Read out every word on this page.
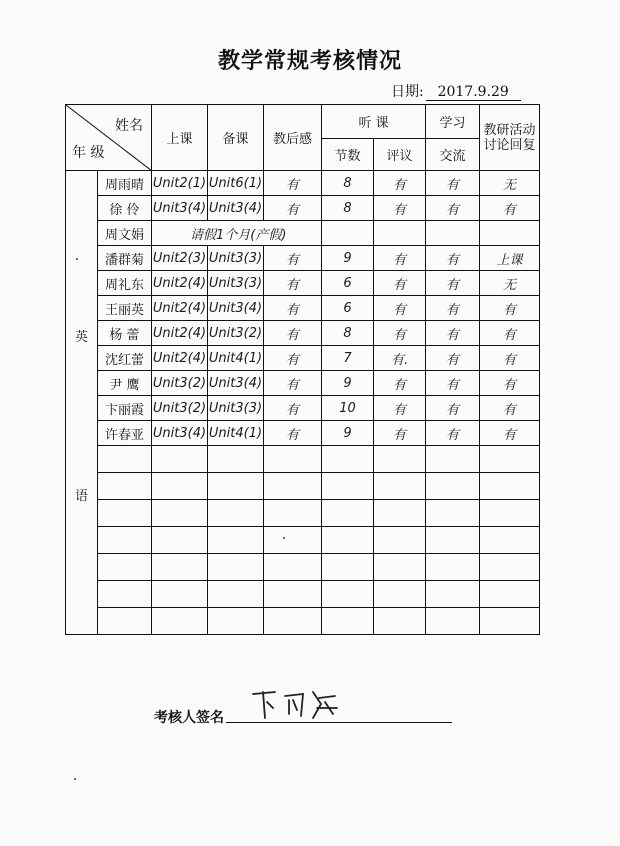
教学常规考核情况
日期: 2017.9.29
姓名
年 级		上课	备课	教后感	听 课		学习	教研活动讨论回复
					节数	评议	交流	

英
语	周雨晴	Unit2(1)	Unit6(1)	有	8	有	有	无
	徐 伶	Unit3(4)	Unit3(4)	有	8	有	有	有
	周文娟	请假1个月(产假)						
	潘群菊	Unit2(3)	Unit3(3)	有	9	有	有	上课
	周礼东	Unit2(4)	Unit3(3)	有	6	有	有	无
	王丽英	Unit2(4)	Unit3(4)	有	6	有	有	有
	杨 蕾	Unit2(4)	Unit3(2)	有	8	有	有	有
	沈红蕾	Unit2(4)	Unit4(1)	有	7	有.	有	有
	尹 鹰	Unit3(2)	Unit3(4)	有	9	有	有	有
	卞丽霞	Unit3(2)	Unit3(3)	有	10	有	有	有
	许春亚	Unit3(4)	Unit4(1)	有	9	有	有	有

考核人签名
